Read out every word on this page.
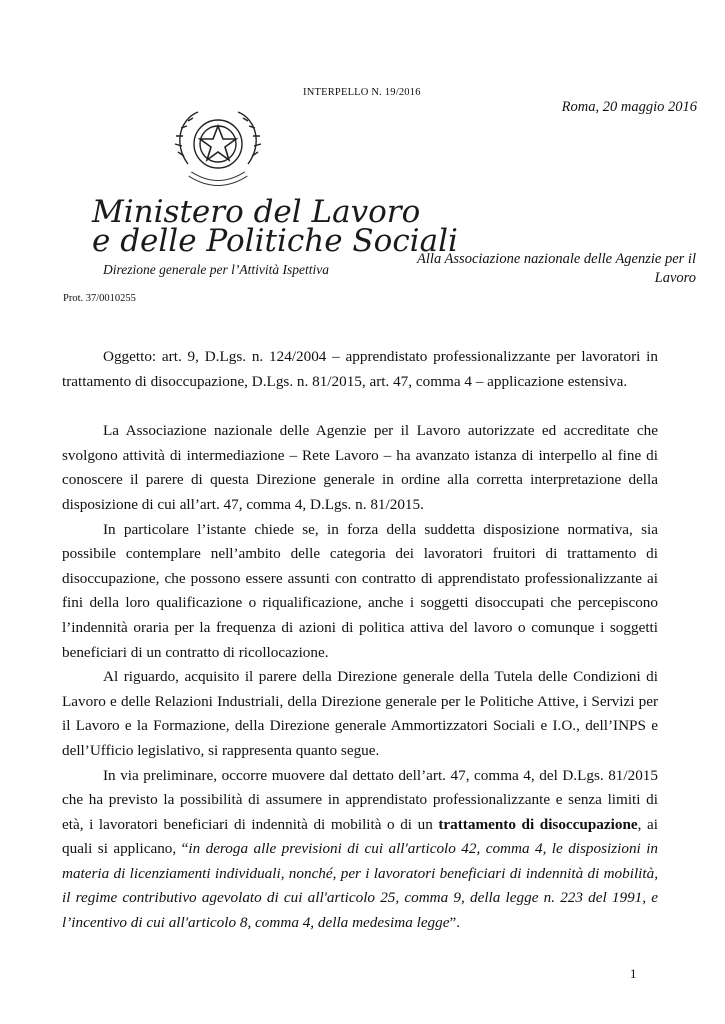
INTERPELLO N. 19/2016
Roma, 20 maggio 2016
Ministero del Lavoro
e delle Politiche Sociali
Direzione generale per l’Attività Ispettiva
Alla Associazione nazionale delle Agenzie per il Lavoro
Prot. 37/0010255

Oggetto: art. 9, D.Lgs. n. 124/2004 – apprendistato professionalizzante per lavoratori in trattamento di disoccupazione, D.Lgs. n. 81/2015, art. 47, comma 4 – applicazione estensiva.

La Associazione nazionale delle Agenzie per il Lavoro autorizzate ed accreditate che svolgono attività di intermediazione – Rete Lavoro – ha avanzato istanza di interpello al fine di conoscere il parere di questa Direzione generale in ordine alla corretta interpretazione della disposizione di cui all’art. 47, comma 4, D.Lgs. n. 81/2015.

In particolare l’istante chiede se, in forza della suddetta disposizione normativa, sia possibile contemplare nell’ambito delle categoria dei lavoratori fruitori di trattamento di disoccupazione, che possono essere assunti con contratto di apprendistato professionalizzante ai fini della loro qualificazione o riqualificazione, anche i soggetti disoccupati che percepiscono l’indennità oraria per la frequenza di azioni di politica attiva del lavoro o comunque i soggetti beneficiari di un contratto di ricollocazione.

Al riguardo, acquisito il parere della Direzione generale della Tutela delle Condizioni di Lavoro e delle Relazioni Industriali, della Direzione generale per le Politiche Attive, i Servizi per il Lavoro e la Formazione, della Direzione generale Ammortizzatori Sociali e I.O., dell’INPS e dell’Ufficio legislativo, si rappresenta quanto segue.

In via preliminare, occorre muovere dal dettato dell’art. 47, comma 4, del D.Lgs. 81/2015 che ha previsto la possibilità di assumere in apprendistato professionalizzante e senza limiti di età, i lavoratori beneficiari di indennità di mobilità o di un trattamento di disoccupazione, ai quali si applicano, “in deroga alle previsioni di cui all'articolo 42, comma 4, le disposizioni in materia di licenziamenti individuali, nonché, per i lavoratori beneficiari di indennità di mobilità, il regime contributivo agevolato di cui all'articolo 25, comma 9, della legge n. 223 del 1991, e l’incentivo di cui all'articolo 8, comma 4, della medesima legge”.

1
